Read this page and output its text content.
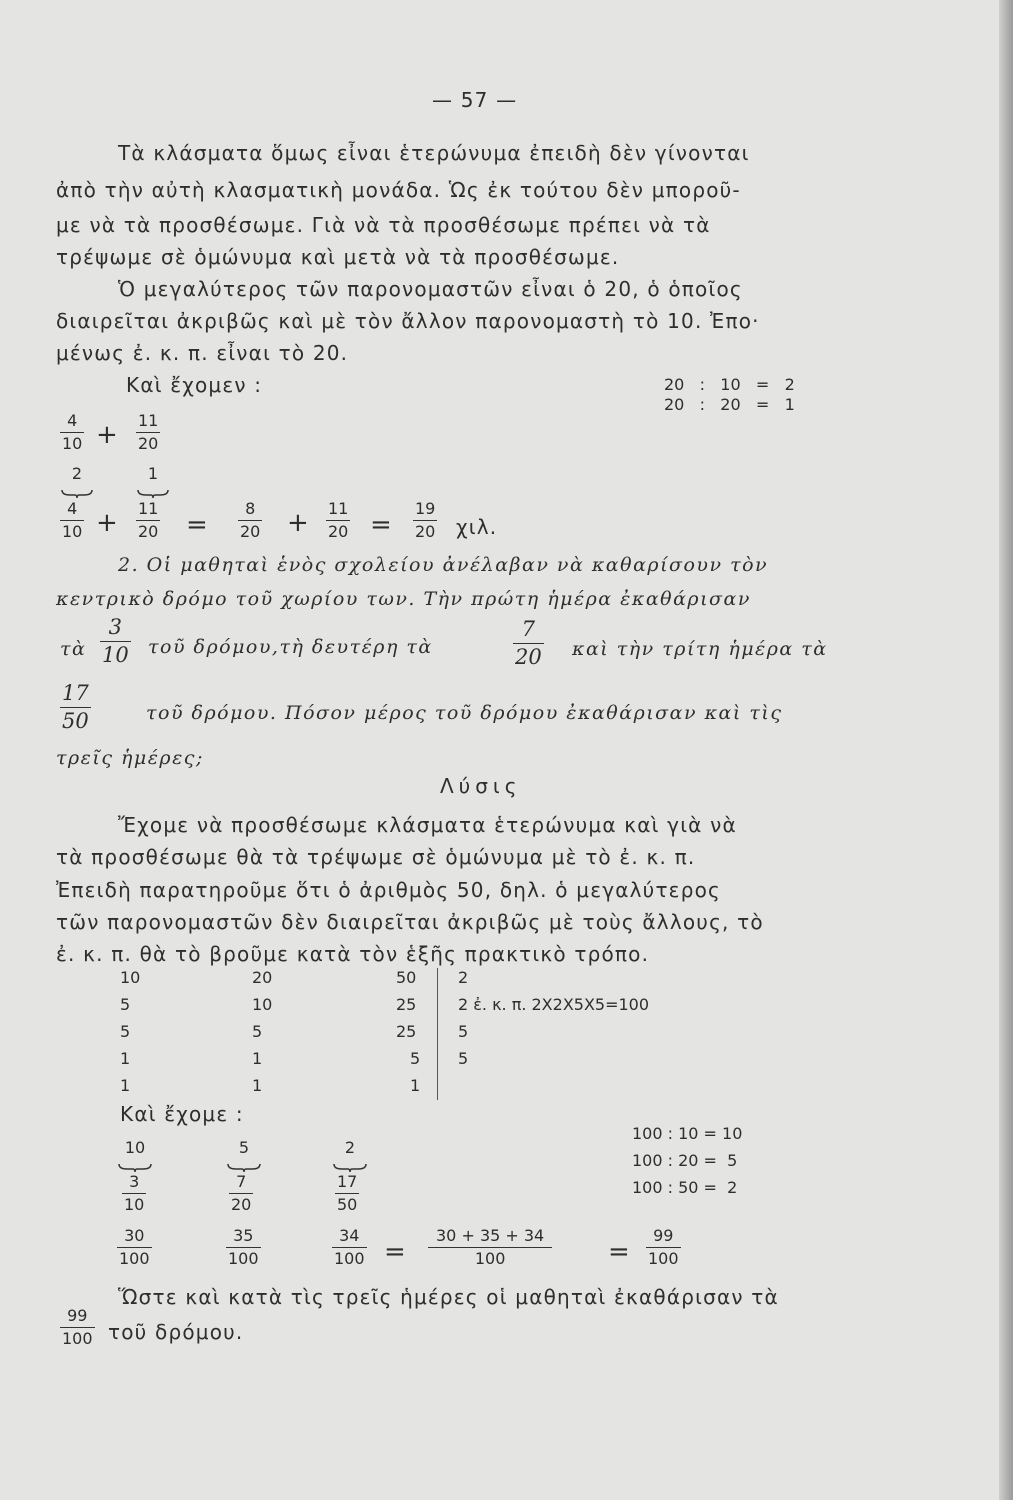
— 57 —
Τὰ κλάσματα ὅμως εἶναι ἑτερώνυμα ἐπειδὴ δὲν γίνονται
ἀπὸ τὴν αὐτὴ κλασματικὴ μονάδα. Ὡς ἐκ τούτου δὲν μποροῦ-
με νὰ τὰ προσθέσωμε. Γιὰ νὰ τὰ προσθέσωμε πρέπει νὰ τὰ
τρέψωμε σὲ ὁμώνυμα καὶ μετὰ νὰ τὰ προσθέσωμε.
Ὁ μεγαλύτερος τῶν παρονομαστῶν εἶναι ὁ 20, ὁ ὁποῖος
διαιρεῖται ἀκριβῶς καὶ μὲ τὸν ἄλλον παρονομαστὴ τὸ 10. Ἐπο·
μένως ἐ. κ. π. εἶναι τὸ 20.
Καὶ ἔχομεν :	20 : 10 = 2
20 : 20 = 1
4
10 + 11
20
2	1
4
10 + 11
20 =
8
20 + 11
20 =
19
20 χιλ.
2. Οἱ μαθηταὶ ἑνὸς σχολείου ἀνέλαβαν νὰ καθαρίσουν τὸν
κεντρικὸ δρόμο τοῦ χωρίου των. Τὴν πρώτη ἡμέρα ἐκαθάρισαν
τὰ
3
10 τοῦ δρόμου,τὴ δευτέρη τὰ
7
20 καὶ τὴν τρίτη ἡμέρα τὰ
17
50	τοῦ δρόμου. Πόσον μέρος τοῦ δρόμου ἐκαθάρισαν καὶ τὶς
τρεῖς ἡμέρες;
Λύσις
Ἔχομε νὰ προσθέσωμε κλάσματα ἑτερώνυμα καὶ γιὰ νὰ
τὰ προσθέσωμε θὰ τὰ τρέψωμε σὲ ὁμώνυμα μὲ τὸ ἐ. κ. π.
Ἐπειδὴ παρατηροῦμε ὅτι ὁ ἀριθμὸς 50, δηλ. ὁ μεγαλύτερος
τῶν παρονομαστῶν δὲν διαιρεῖται ἀκριβῶς μὲ τοὺς ἄλλους, τὸ
ἐ. κ. π. θὰ τὸ βροῦμε κατὰ τὸν ἑξῆς πρακτικὸ τρόπο.
10	20	50	2
5	10	25	2 ἐ. κ. π. 2X2X5X5=100
5	5	25	5
1	1	5 5
1	1	1
Καὶ ἔχομε :
100 : 10 = 10
100 : 20 =  5
100 : 50 =  2
10	5	2
3
10
7
20
17
50
30
100
35
100
34
100 =
30 + 35 + 34
100	=
99
100
Ὥστε καὶ κατὰ τὶς τρεῖς ἡμέρες οἱ μαθηταὶ ἐκαθάρισαν τὰ
99
100 τοῦ δρόμου.
